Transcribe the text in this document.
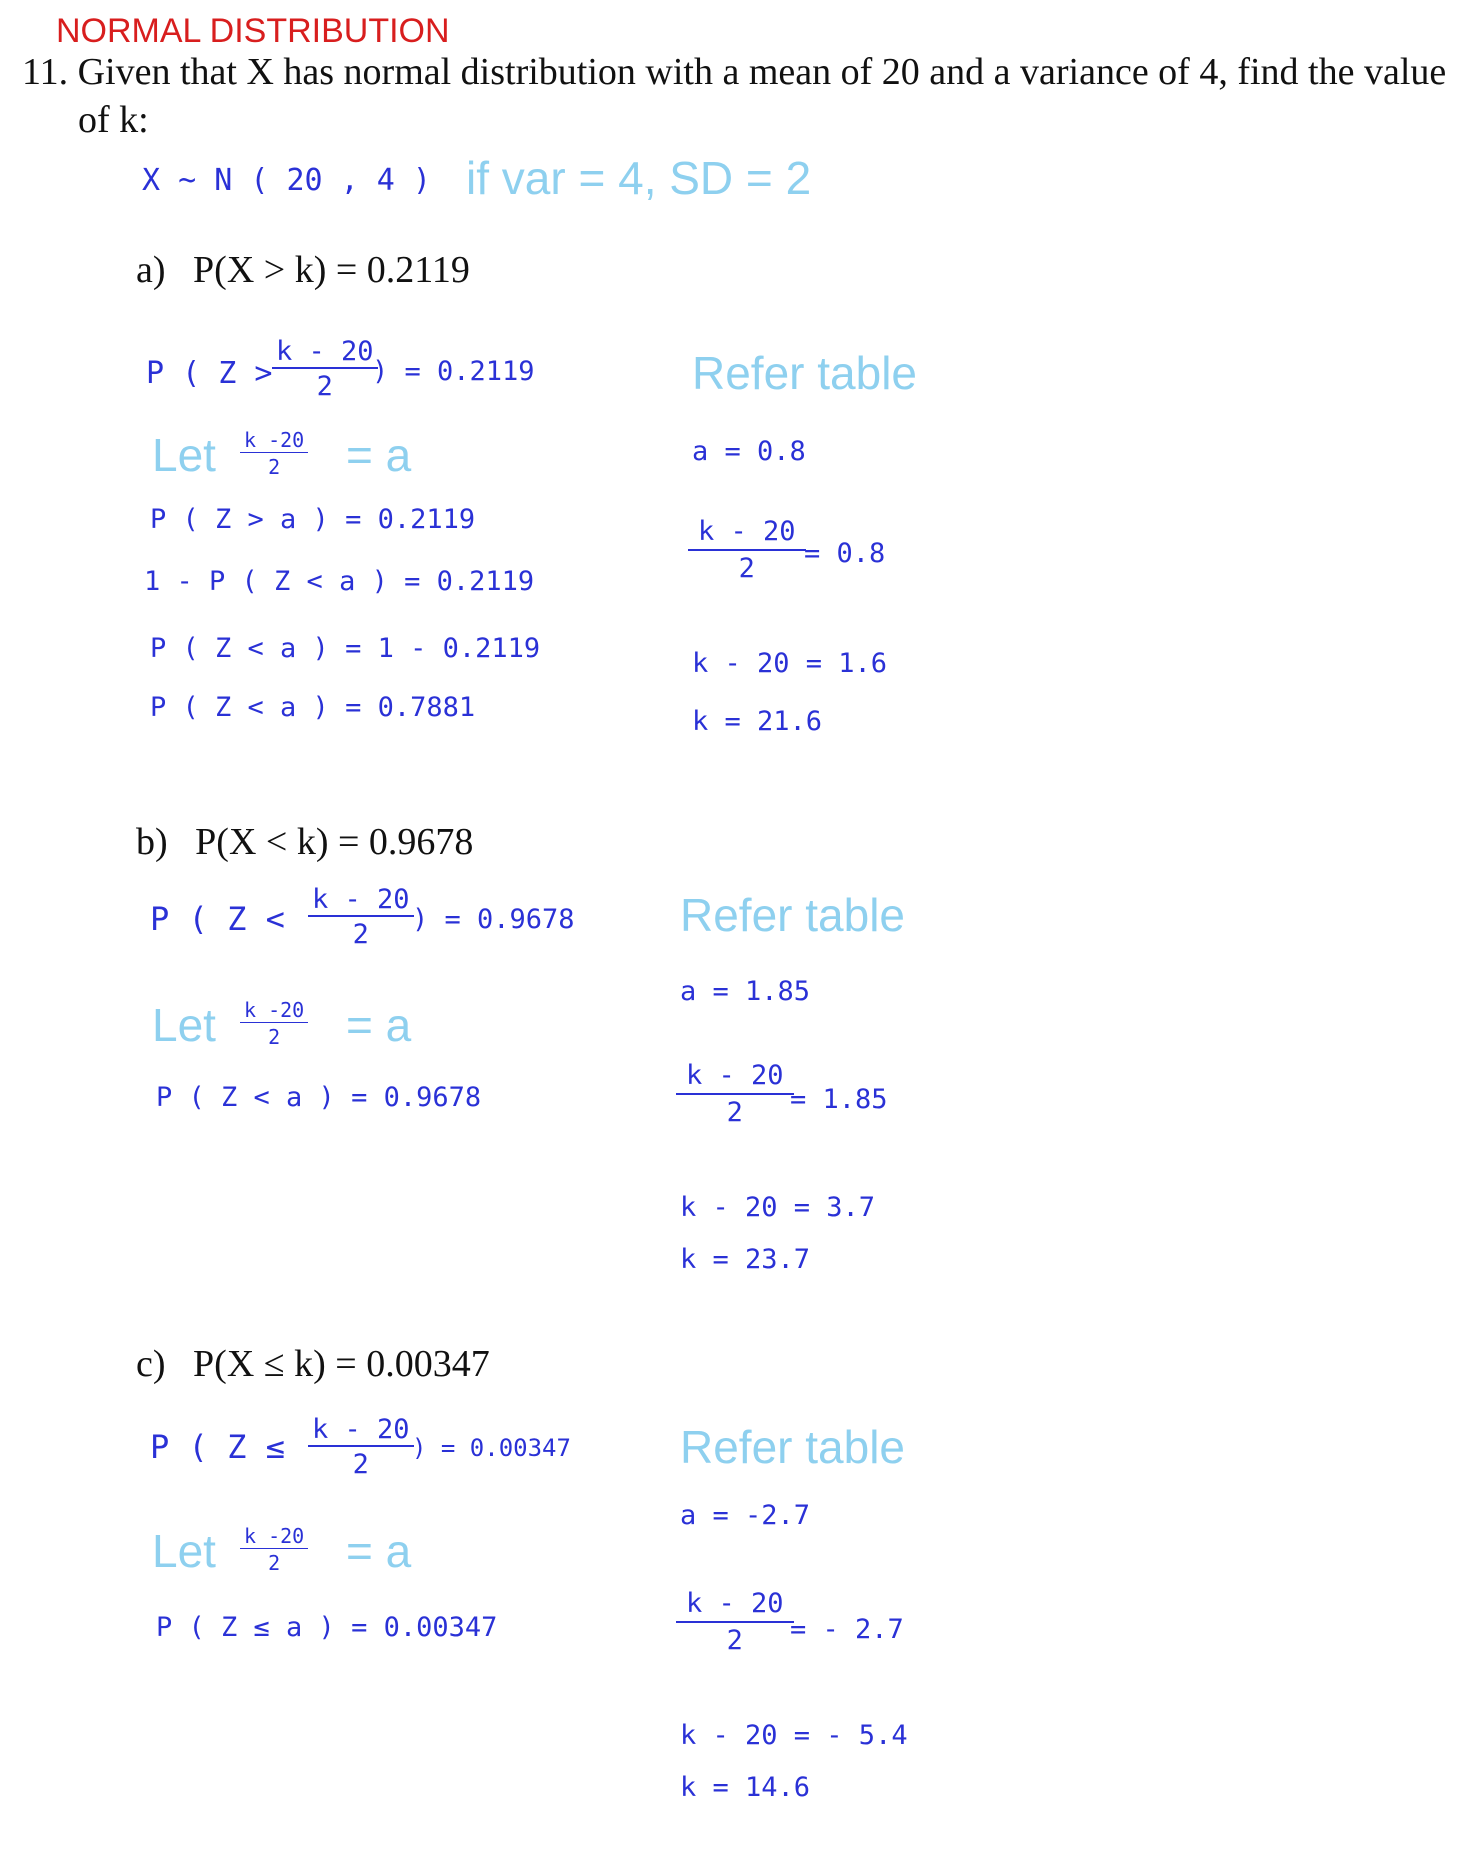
NORMAL DISTRIBUTION
11. Given that X has normal distribution with a mean of 20 and a variance of 4, find the value
of k:
X ~ N ( 20 , 4 ) if var = 4, SD = 2
a) P(X > k) = 0.2119
P ( $Z > \frac{k - 20}{2}$
) = 0.2119
Let $\frac{k -20}{2} = a$
P ( Z > a ) = 0.2119
1 - P ( Z < a ) = 0.2119
P ( Z < a ) = 1 - 0.2119
P ( Z < a ) = 0.7881
Refer table
a = 0.8
$\frac{k - 20}{2}$
= 0.8
k - 20 = 1.6
k = 21.6
b) P(X < k) = 0.9678
P ( $Z < \frac{k - 20}{2}$
) = 0.9678
Let $\frac{k -20}{2} = a$
P ( Z < a ) = 0.9678
Refer table
a = 1.85
$\frac{k - 20}{2}$
= 1.85
k - 20 = 3.7
k = 23.7
c) P(X ≤ k) = 0.00347
P ( $Z \le \frac{k - 20}{2}$
) = 0.00347
Let $\frac{k -20}{2} = a$
P ( Z ≤ a ) = 0.00347
Refer table
a = -2.7
$\frac{k - 20}{2}$
= - 2.7
k - 20 = - 5.4
k = 14.6
